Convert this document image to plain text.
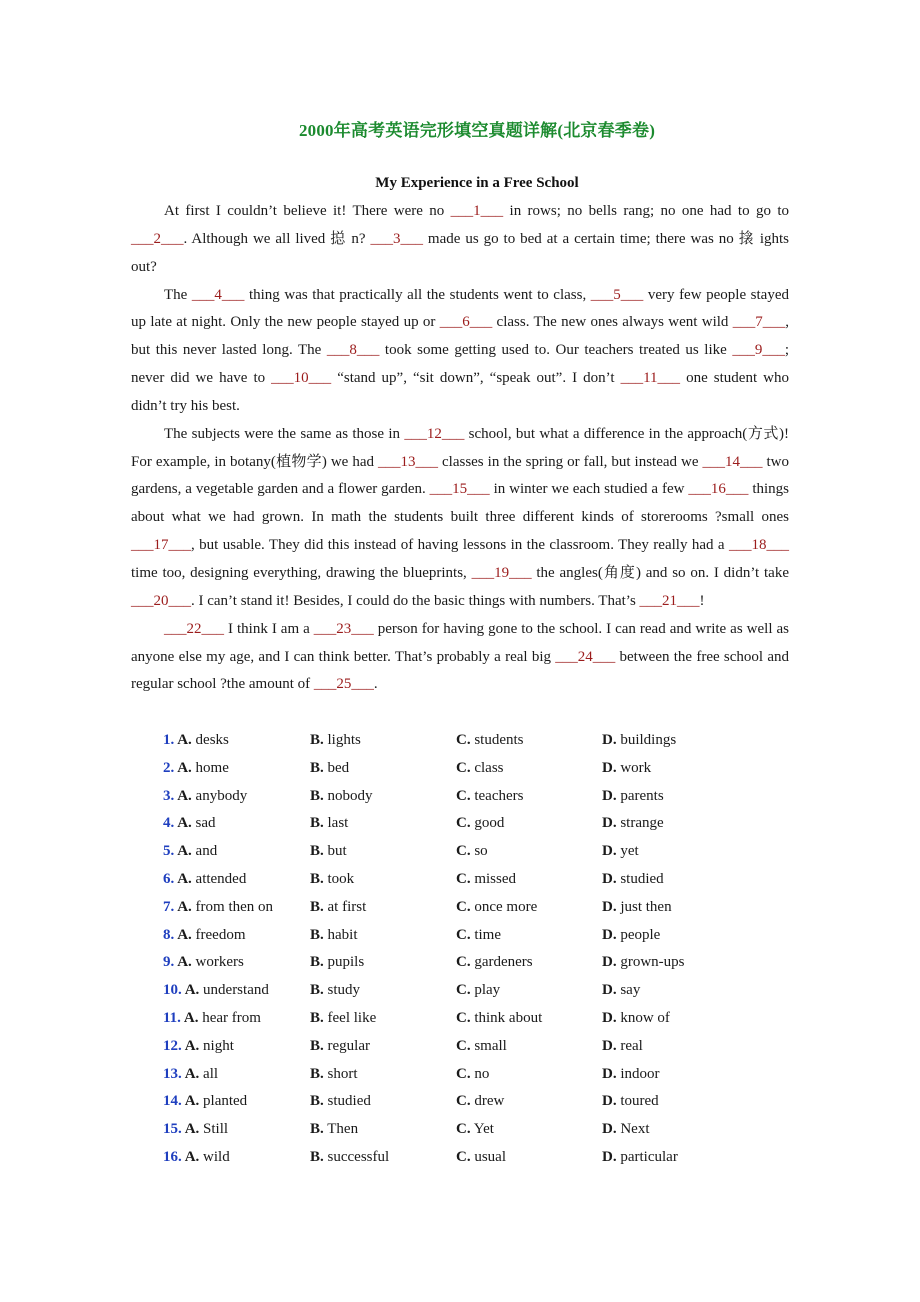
2000年高考英语完形填空真题详解(北京春季卷)
My Experience in a Free School

At first I couldn’t believe it! There were no ___1___ in rows; no bells rang; no one had to go to ___2___. Although we all lived 搃 n? ___3___ made us go to bed at a certain time; there was no 搇 ights out?

The ___4___ thing was that practically all the students went to class, ___5___ very few people stayed up late at night. Only the new people stayed up or ___6___ class. The new ones always went wild ___7___, but this never lasted long. The ___8___ took some getting used to. Our teachers treated us like ___9___; never did we have to ___10___ “stand up”, “sit down”, “speak out”. I don’t ___11___ one student who didn’t try his best.

The subjects were the same as those in ___12___ school, but what a difference in the approach(方式)! For example, in botany(植物学) we had ___13___ classes in the spring or fall, but instead we ___14___ two gardens, a vegetable garden and a flower garden. ___15___ in winter we each studied a few ___16___ things about what we had grown. In math the students built three different kinds of storerooms ?small ones ___17___, but usable. They did this instead of having lessons in the classroom. They really had a ___18___ time too, designing everything, drawing the blueprints, ___19___ the angles(角度) and so on. I didn’t take ___20___. I can’t stand it! Besides, I could do the basic things with numbers. That’s ___21___!

___22___ I think I am a ___23___ person for having gone to the school. I can read and write as well as anyone else my age, and I can think better. That’s probably a real big ___24___ between the free school and regular school ?the amount of ___25___.

1. A. desks	B. lights	C. students	D. buildings
2. A. home	B. bed	C. class	D. work
3. A. anybody	B. nobody	C. teachers	D. parents
4. A. sad	B. last	C. good	D. strange
5. A. and	B. but	C. so	D. yet
6. A. attended	B. took	C. missed	D. studied
7. A. from then on B. at first	C. once more	D. just then
8. A. freedom	B. habit	C. time	D. people
9. A. workers	B. pupils	C. gardeners	D. grown-ups
10. A. understand	B. study	C. play	D. say
11. A. hear from	B. feel like	C. think about	D. know of
12. A. night	B. regular	C. small	D. real
13. A. all	B. short	C. no	D. indoor
14. A. planted	B. studied	C. drew	D. toured
15. A. Still	B. Then	C. Yet	D. Next
16. A. wild	B. successful	C. usual	D. particular
